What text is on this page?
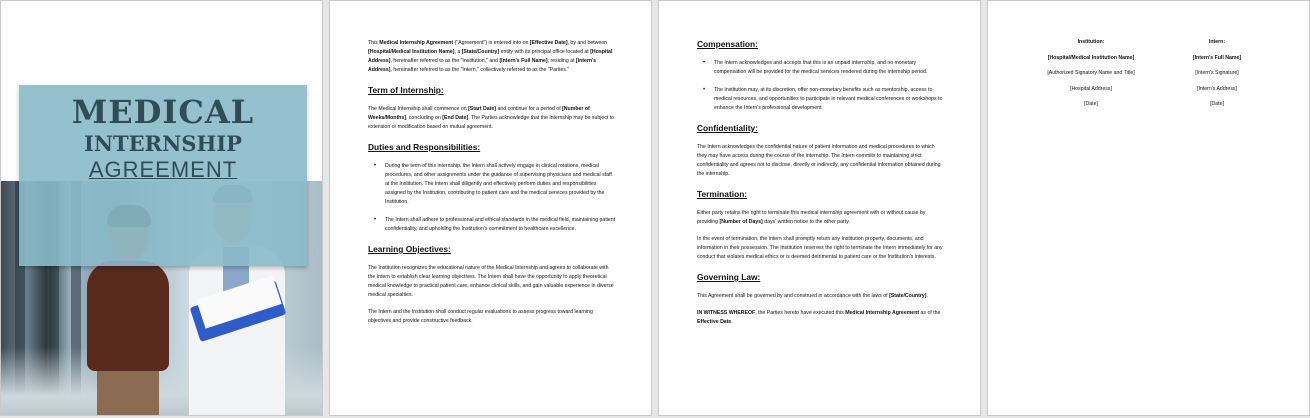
MEDICAL
INTERNSHIP
AGREEMENT

This Medical Internship Agreement ("Agreement") is entered into on [Effective Date], by and between [Hospital/Medical Institution Name], a [State/Country] entity with its principal office located at [Hospital Address], hereinafter referred to as the "Institution," and [Intern's Full Name], residing at [Intern's Address], hereinafter referred to as the "Intern," collectively referred to as the "Parties."

Term of Internship:

The Medical Internship shall commence on [Start Date] and continue for a period of [Number of Weeks/Months], concluding on [End Date]. The Parties acknowledge that the internship may be subject to extension or modification based on mutual agreement.

Duties and Responsibilities:
• During the term of this internship, the Intern shall actively engage in clinical rotations, medical procedures, and other assignments under the guidance of supervising physicians and medical staff at the Institution. The Intern shall diligently and effectively perform duties and responsibilities assigned by the Institution, contributing to patient care and the medical services provided by the Institution.
• The Intern shall adhere to professional and ethical standards in the medical field, maintaining patient confidentiality, and upholding the Institution's commitment to healthcare excellence.
Learning Objectives:

The Institution recognizes the educational nature of the Medical Internship and agrees to collaborate with the Intern to establish clear learning objectives. The Intern shall have the opportunity to apply theoretical medical knowledge to practical patient care, enhance clinical skills, and gain valuable experience in diverse medical specialties.

The Intern and the Institution shall conduct regular evaluations to assess progress toward learning objectives and provide constructive feedback.

Compensation:
• The Intern acknowledges and accepts that this is an unpaid internship, and no monetary compensation will be provided for the medical services rendered during the internship period.
• The Institution may, at its discretion, offer non-monetary benefits such as mentorship, access to medical resources, and opportunities to participate in relevant medical conferences or workshops to enhance the Intern's professional development.
Confidentiality:

The Intern acknowledges the confidential nature of patient information and medical procedures to which they may have access during the course of the internship. The Intern commits to maintaining strict confidentiality and agrees not to disclose, directly or indirectly, any confidential information obtained during the internship.

Termination:

Either party retains the right to terminate this medical internship agreement with or without cause by providing [Number of Days] days' written notice to the other party.

In the event of termination, the Intern shall promptly return any Institution property, documents, and information in their possession. The Institution reserves the right to terminate the Intern immediately for any conduct that violates medical ethics or is deemed detrimental to patient care or the Institution's interests.

Governing Law:

This Agreement shall be governed by and construed in accordance with the laws of [State/Country].

IN WITNESS WHEREOF, the Parties hereto have executed this Medical Internship Agreement as of the Effective Date.

Institution:
[Hospital/Medical Institution Name]
[Authorized Signatory Name and Title]
[Hospital Address]
[Date]
Intern:
[Intern's Full Name]
[Intern's Signature]
[Intern's Address]
[Date]
